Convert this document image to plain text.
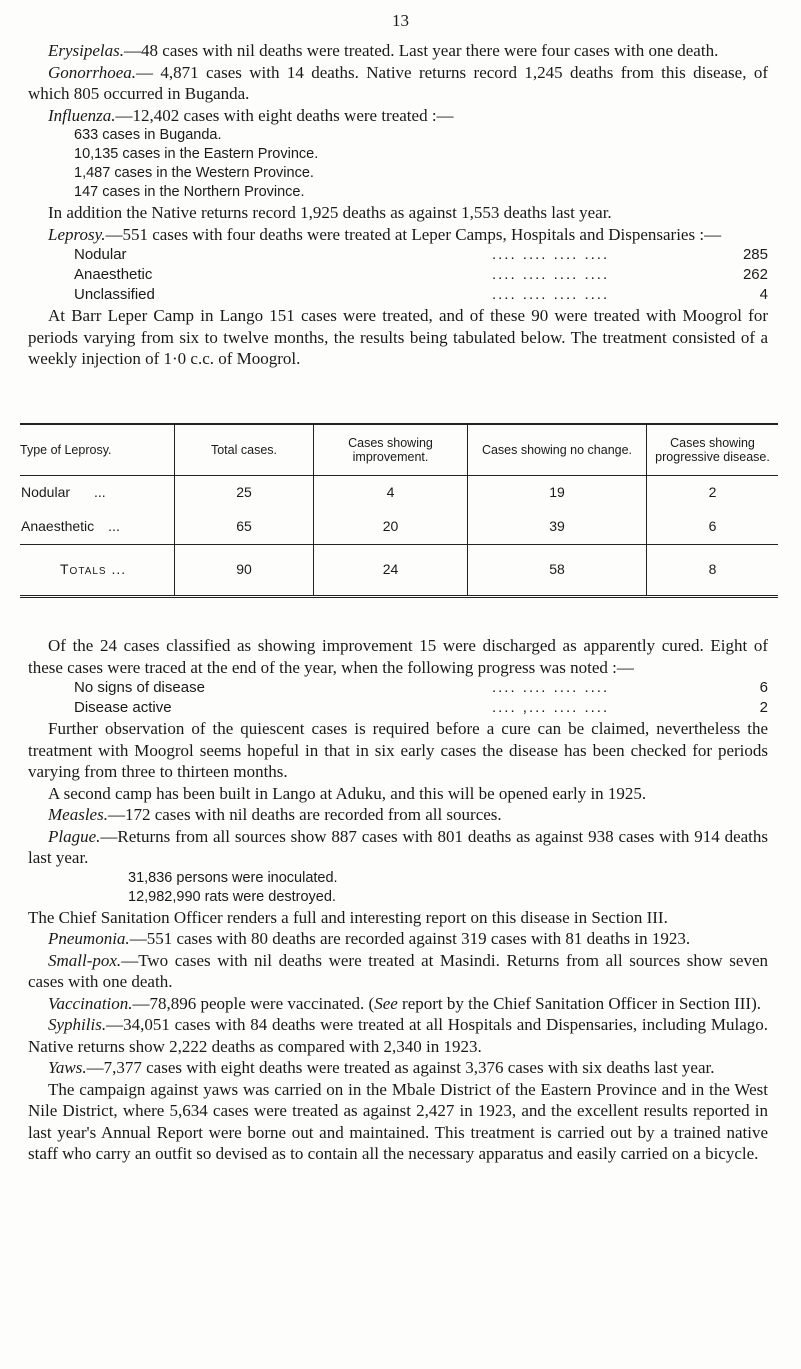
13

Erysipelas.—48 cases with nil deaths were treated. Last year there were four cases with one death.

Gonorrhoea.— 4,871 cases with 14 deaths. Native returns record 1,245 deaths from this disease, of which 805 occurred in Buganda.

Influenza.—12,402 cases with eight deaths were treated :—

633 cases in Buganda.
10,135 cases in the Eastern Province.
1,487 cases in the Western Province.
147 cases in the Northern Province.

In addition the Native returns record 1,925 deaths as against 1,553 deaths last year.

Leprosy.—551 cases with four deaths were treated at Leper Camps, Hospitals and Dispensaries :—

Nodular	.... .... .... ....	285
Anaesthetic	.... .... .... ....	262
Unclassified	.... .... .... ....	4

At Barr Leper Camp in Lango 151 cases were treated, and of these 90 were treated with Moogrol for periods varying from six to twelve months, the results being tabulated below. The treatment consisted of a weekly injection of 1·0 c.c. of Moogrol.

Type of Leprosy.	Total cases.	Cases showing improvement.	Cases showing no change.	Cases showing progressive disease.
Nodular ...	25	4	19	2
Anaesthetic ...	65	20	39	6
Totals ...	90	24	58	8

Of the 24 cases classified as showing improvement 15 were discharged as apparently cured. Eight of these cases were traced at the end of the year, when the following progress was noted :—

No signs of disease	.... .... .... ....	6
Disease active	.... ,... .... ....	2

Further observation of the quiescent cases is required before a cure can be claimed, nevertheless the treatment with Moogrol seems hopeful in that in six early cases the disease has been checked for periods varying from three to thirteen months.

A second camp has been built in Lango at Aduku, and this will be opened early in 1925.

Measles.—172 cases with nil deaths are recorded from all sources.

Plague.—Returns from all sources show 887 cases with 801 deaths as against 938 cases with 914 deaths last year.

31,836 persons were inoculated.
12,982,990 rats were destroyed.

The Chief Sanitation Officer renders a full and interesting report on this disease in Section III.

Pneumonia.—551 cases with 80 deaths are recorded against 319 cases with 81 deaths in 1923.

Small-pox.—Two cases with nil deaths were treated at Masindi. Returns from all sources show seven cases with one death.

Vaccination.—78,896 people were vaccinated. (See report by the Chief Sanitation Officer in Section III).

Syphilis.—34,051 cases with 84 deaths were treated at all Hospitals and Dispensaries, including Mulago. Native returns show 2,222 deaths as compared with 2,340 in 1923.

Yaws.—7,377 cases with eight deaths were treated as against 3,376 cases with six deaths last year.

The campaign against yaws was carried on in the Mbale District of the Eastern Province and in the West Nile District, where 5,634 cases were treated as against 2,427 in 1923, and the excellent results reported in last year's Annual Report were borne out and maintained. This treatment is carried out by a trained native staff who carry an outfit so devised as to contain all the necessary apparatus and easily carried on a bicycle.
